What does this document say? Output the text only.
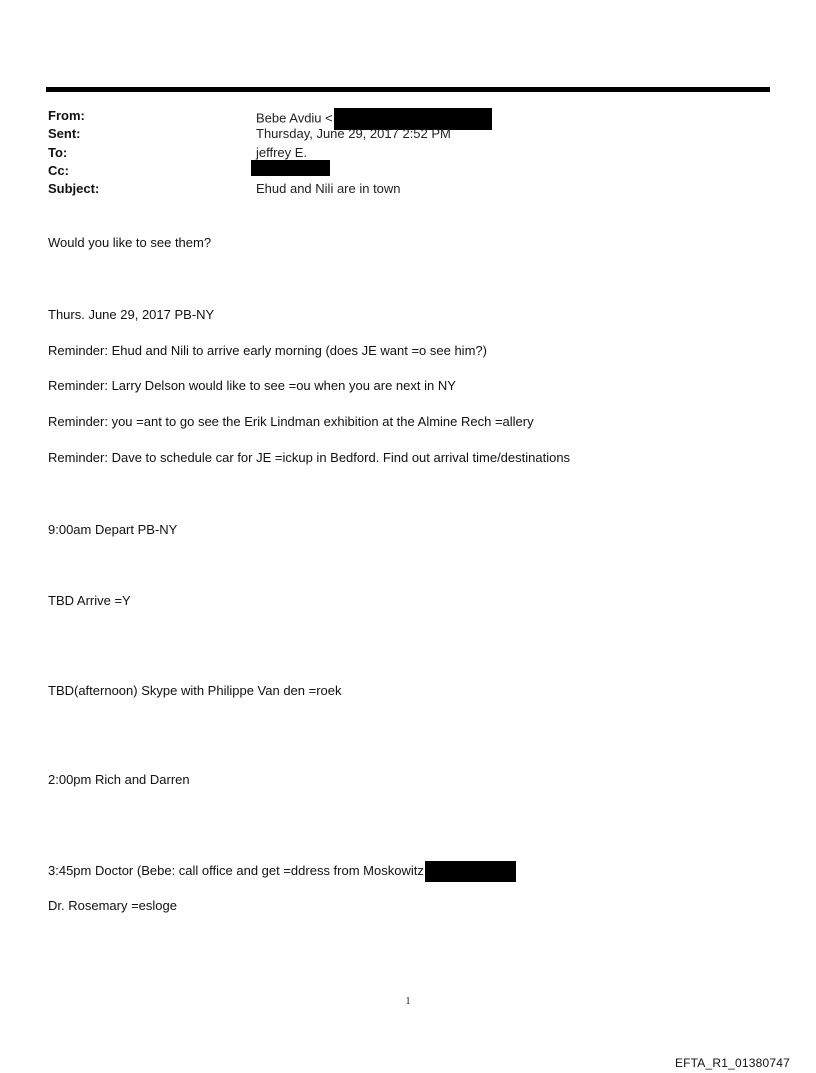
From:	Bebe Avdiu <
Sent:	Thursday, June 29, 2017 2:52 PM
To:	jeffrey E.
Cc:
Subject:	Ehud and Nili are in town
Would you like to see them?
Thurs. June 29, 2017 PB-NY
Reminder: Ehud and Nili to arrive early morning (does JE want =o see him?)
Reminder: Larry Delson would like to see =ou when you are next in NY
Reminder: you =ant to go see the Erik Lindman exhibition at the Almine Rech =allery
Reminder: Dave to schedule car for JE =ickup in Bedford. Find out arrival time/destinations
9:00am Depart PB-NY
TBD Arrive =Y
TBD(afternoon) Skype with Philippe Van den =roek
2:00pm Rich and Darren
3:45pm Doctor (Bebe: call office and get =ddress from Moskowitz
Dr. Rosemary =esloge
1
EFTA_R1_01380747
